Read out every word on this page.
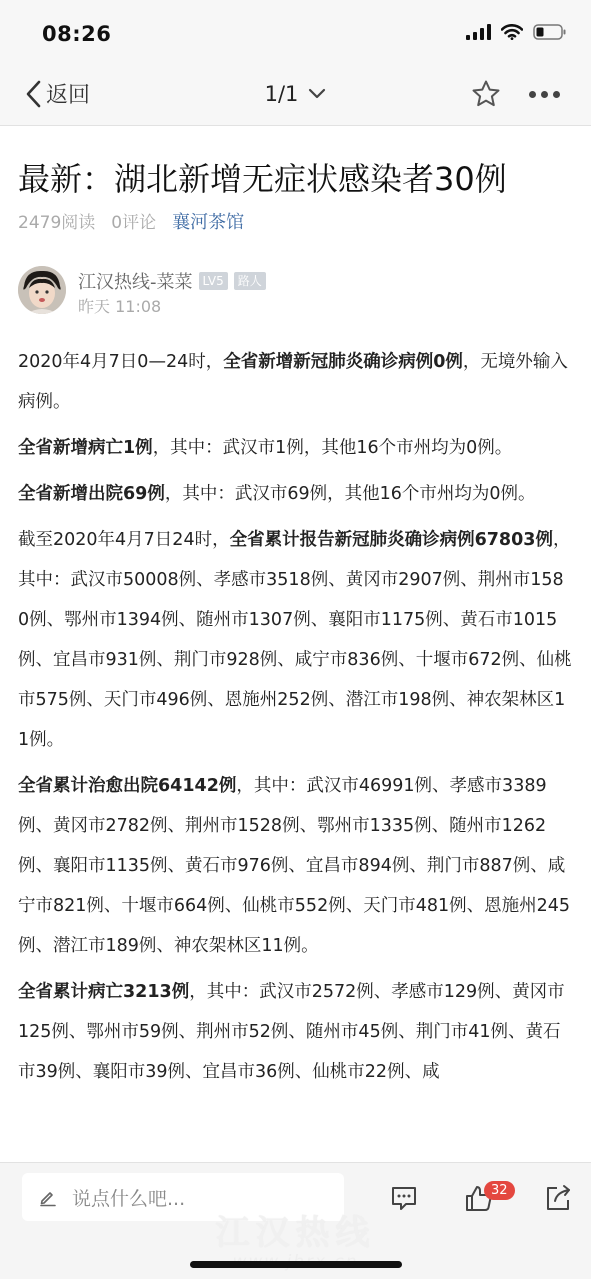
08:26
返回	1/1
最新：湖北新增无症状感染者30例
2479阅读 0评论 襄河茶馆
江汉热线-菜菜 LV5	路人
昨天 11:08

2020年4月7日0—24时，全省新增新冠肺炎确诊病例0例，无境外输入病例。

全省新增病亡1例，其中：武汉市1例，其他16个市州均为0例。

全省新增出院69例，其中：武汉市69例，其他16个市州均为0例。

截至2020年4月7日24时，全省累计报告新冠肺炎确诊病例67803例，其中：武汉市50008例、孝感市3518例、黄冈市2907例、荆州市1580例、鄂州市1394例、随州市1307例、襄阳市1175例、黄石市1015例、宜昌市931例、荆门市928例、咸宁市836例、十堰市672例、仙桃市575例、天门市496例、恩施州252例、潜江市198例、神农架林区11例。

全省累计治愈出院64142例，其中：武汉市46991例、孝感市3389例、黄冈市2782例、荆州市1528例、鄂州市1335例、随州市1262例、襄阳市1135例、黄石市976例、宜昌市894例、荆门市887例、咸宁市821例、十堰市664例、仙桃市552例、天门市481例、恩施州245例、潜江市189例、神农架林区11例。

全省累计病亡3213例，其中：武汉市2572例、孝感市129例、黄冈市125例、鄂州市59例、荆州市52例、随州市45例、荆门市41例、黄石市39例、襄阳市39例、宜昌市36例、仙桃市22例、咸

说点什么吧...	32
江汉热线
